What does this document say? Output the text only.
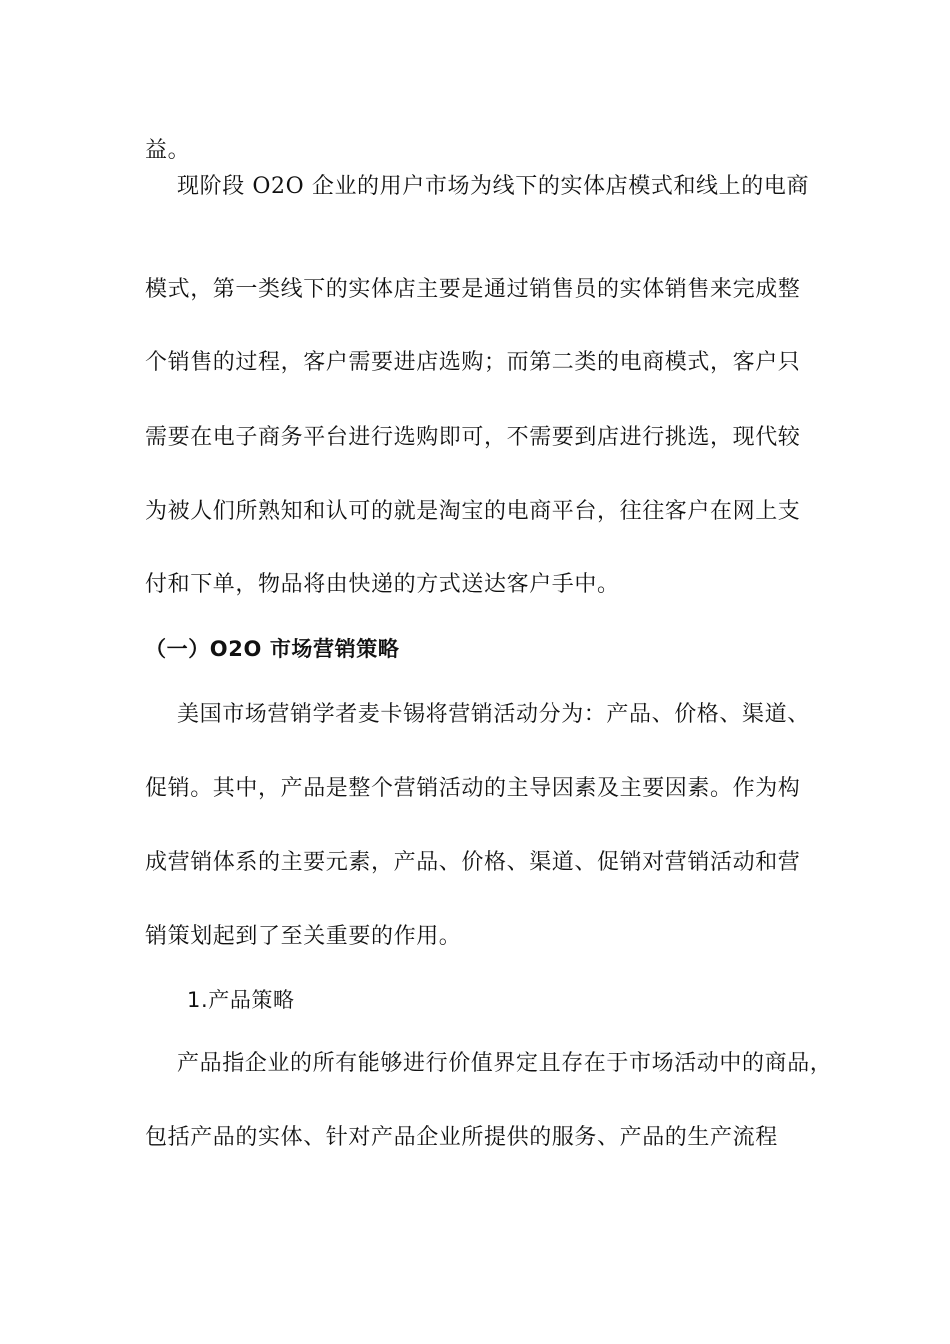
益。
现阶段 O2O 企业的用户市场为线下的实体店模式和线上的电商
模式，第一类线下的实体店主要是通过销售员的实体销售来完成整
个销售的过程，客户需要进店选购；而第二类的电商模式，客户只
需要在电子商务平台进行选购即可，不需要到店进行挑选，现代较
为被人们所熟知和认可的就是淘宝的电商平台，往往客户在网上支
付和下单，物品将由快递的方式送达客户手中。
（一）O2O 市场营销策略
美国市场营销学者麦卡锡将营销活动分为：产品、价格、渠道、
促销。其中，产品是整个营销活动的主导因素及主要因素。作为构
成营销体系的主要元素，产品、价格、渠道、促销对营销活动和营
销策划起到了至关重要的作用。
1.产品策略
产品指企业的所有能够进行价值界定且存在于市场活动中的商品，
包括产品的实体、针对产品企业所提供的服务、产品的生产流程
